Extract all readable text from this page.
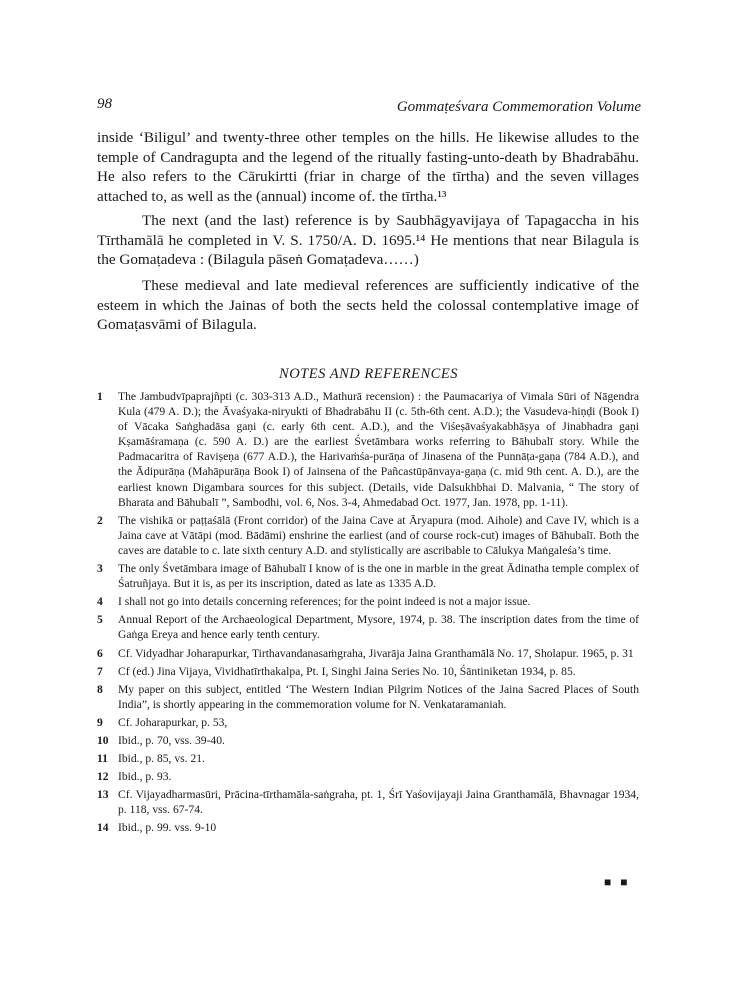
98	Gommaṭeśvara Commemoration Volume

inside ‘Biligul’ and twenty-three other temples on the hills. He likewise alludes to the temple of Candragupta and the legend of the ritually fasting-unto-death by Bhadrabāhu. He also refers to the Cārukirtti (friar in charge of the tīrtha) and the seven villages attached to, as well as the (annual) income of. the tīrtha.¹³

The next (and the last) reference is by Saubhāgyavijaya of Tapagaccha in his Tīrthamālā he completed in V. S. 1750/A. D. 1695.¹⁴ He mentions that near Bilagula is the Gomaṭadeva : (Bilagula pāseṅ Gomaṭadeva……)

These medieval and late medieval references are sufficiently indicative of the esteem in which the Jainas of both the sects held the colossal contemplative image of Gomaṭasvāmi of Bilagula.

NOTES AND REFERENCES
1 The Jambudvīpaprajñpti (c. 303-313 A.D., Mathurā recension) : the Paumacariya of Vimala Sūri of Nāgendra Kula (479 A. D.); the Āvaśyaka-niryukti of Bhadrabāhu II (c. 5th-6th cent. A.D.); the Vasudeva-hiṇḍi (Book I) of Vācaka Saṅghadāsa gaṇi (c. early 6th cent. A.D.), and the Viśeṣāvaśyakabhāṣya of Jinabhadra gaṇi Kṣamāśramaṇa (c. 590 A. D.) are the earliest Śvetāmbara works referring to Bāhubalī story. While the Padmacaritra of Raviṣeṇa (677 A.D.), the Harivaṁśa-purāṇa of Jinasena of the Punnāṭa-gaṇa (784 A.D.), and the Ādipurāṇa (Mahāpurāṇa Book I) of Jainsena of the Pañcastūpānvaya-gaṇa (c. mid 9th cent. A. D.), are the earliest known Digambara sources for this subject. (Details, vide Dalsukhbhai D. Malvania, “ The story of Bharata and Bāhubalī ”, Sambodhi, vol. 6, Nos. 3-4, Ahmedabad Oct. 1977, Jan. 1978, pp. 1-11).
2 The vishikā or paṭṭaśālā (Front corridor) of the Jaina Cave at Āryapura (mod. Aihole) and Cave IV, which is a Jaina cave at Vātāpi (mod. Bādāmi) enshrine the earliest (and of course rock-cut) images of Bāhubalī. Both the caves are datable to c. late sixth century A.D. and stylistically are ascribable to Cālukya Maṅgaleśa’s time.
3 The only Śvetāmbara image of Bāhubalī I know of is the one in marble in the great Ādinatha temple complex of Śatruñjaya. But it is, as per its inscription, dated as late as 1335 A.D.
4 I shall not go into details concerning references; for the point indeed is not a major issue.
5 Annual Report of the Archaeological Department, Mysore, 1974, p. 38. The inscription dates from the time of Gaṅga Ereya and hence early tenth century.
6 Cf. Vidyadhar Joharapurkar, Tirthavandanasaṁgraha, Jivarāja Jaina Granthamālā No. 17, Sholapur. 1965, p. 31
7 Cf (ed.) Jina Vijaya, Vividhatīrthakalpa, Pt. I, Singhi Jaina Series No. 10, Śāntiniketan 1934, p. 85.
8 My paper on this subject, entitled ‘The Western Indian Pilgrim Notices of the Jaina Sacred Places of South India”, is shortly appearing in the commemoration volume for N. Venkataramaniah.
9 Cf. Joharapurkar, p. 53,
10 Ibid., p. 70, vss. 39-40.
11 Ibid., p. 85, vs. 21.
12 Ibid., p. 93.
13 Cf. Vijayadharmasūri, Prācina-tīrthamāla-saṅgraha, pt. 1, Śrī Yaśovijayaji Jaina Granthamālā, Bhavnagar 1934, p. 118, vss. 67-74.
14 Ibid., p. 99. vss. 9-10
■ ■
